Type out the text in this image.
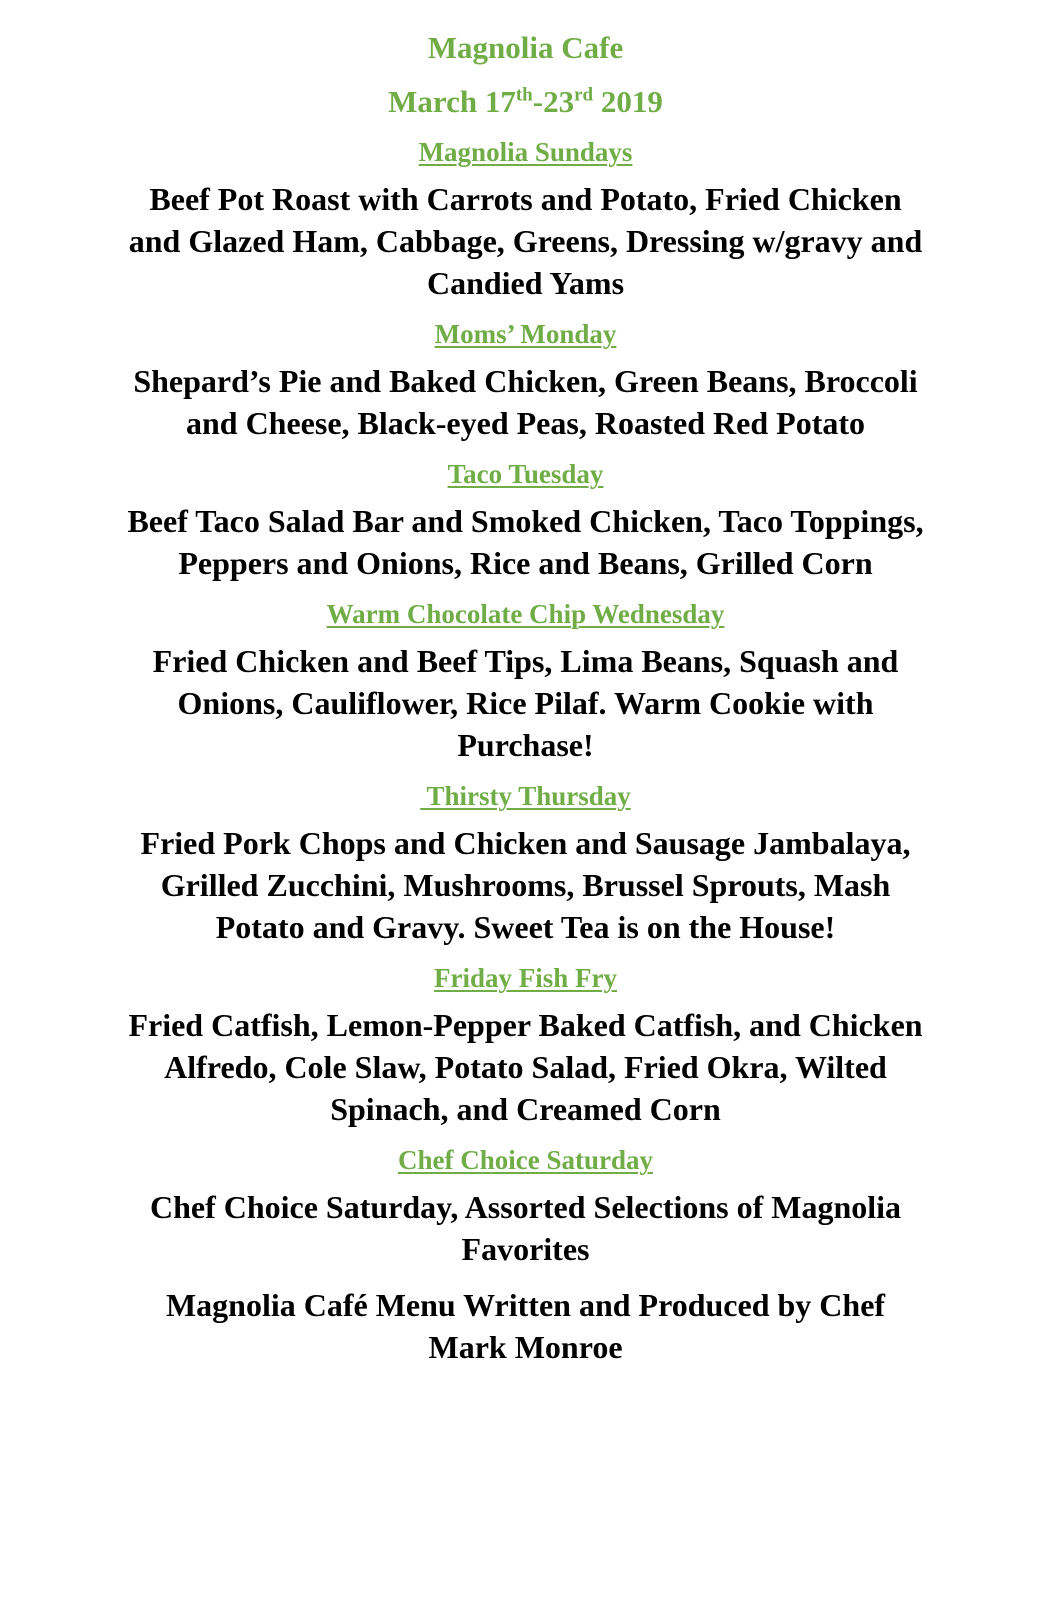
Magnolia Cafe
March 17th-23rd 2019
Magnolia Sundays
Beef Pot Roast with Carrots and Potato, Fried Chicken and Glazed Ham, Cabbage, Greens, Dressing w/gravy and Candied Yams
Moms’ Monday
Shepard’s Pie and Baked Chicken, Green Beans, Broccoli and Cheese, Black-eyed Peas, Roasted Red Potato
Taco Tuesday
Beef Taco Salad Bar and Smoked Chicken, Taco Toppings, Peppers and Onions, Rice and Beans, Grilled Corn
Warm Chocolate Chip Wednesday
Fried Chicken and Beef Tips, Lima Beans, Squash and Onions, Cauliflower, Rice Pilaf. Warm Cookie with Purchase!
Thirsty Thursday
Fried Pork Chops and Chicken and Sausage Jambalaya, Grilled Zucchini, Mushrooms, Brussel Sprouts, Mash Potato and Gravy. Sweet Tea is on the House!
Friday Fish Fry
Fried Catfish, Lemon-Pepper Baked Catfish, and Chicken Alfredo, Cole Slaw, Potato Salad, Fried Okra, Wilted Spinach, and Creamed Corn
Chef Choice Saturday
Chef Choice Saturday, Assorted Selections of Magnolia Favorites
Magnolia Café Menu Written and Produced by Chef Mark Monroe
